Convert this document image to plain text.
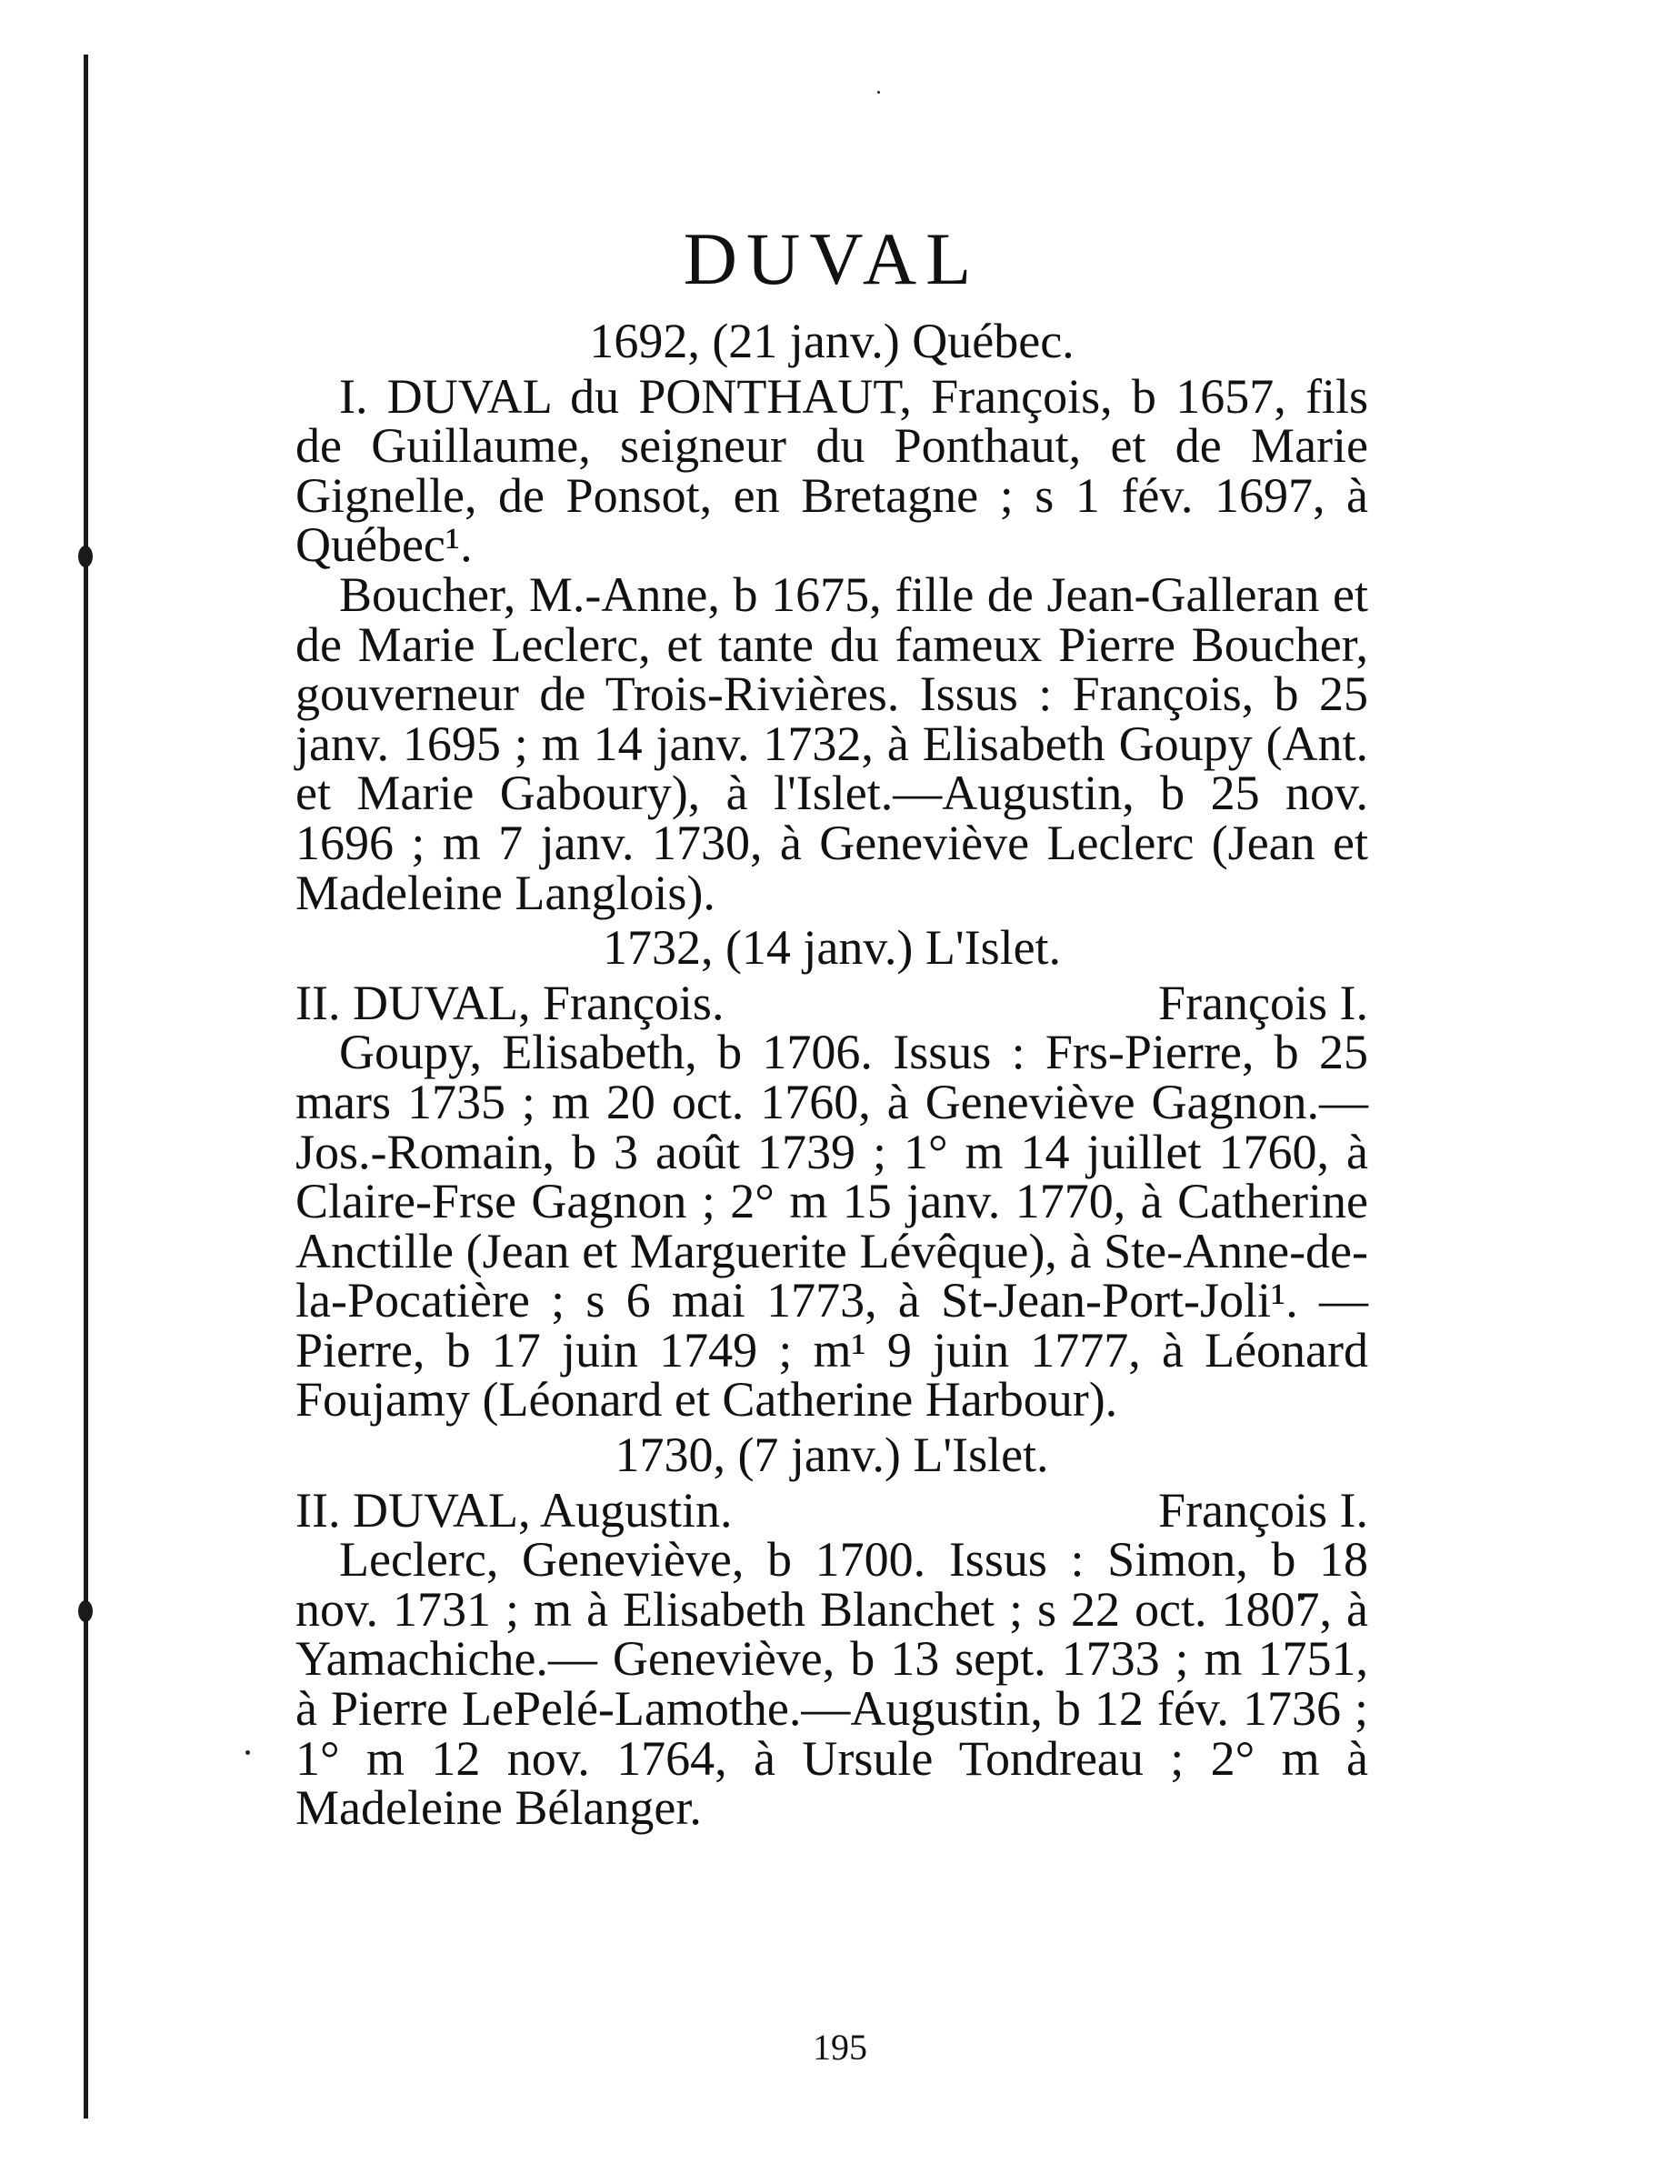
DUVAL
1692, (21 janv.) Québec.

I. DUVAL du PONTHAUT, François, b 1657, fils de Guillaume, seigneur du Ponthaut, et de Marie Gignelle, de Ponsot, en Bretagne ; s 1 fév. 1697, à Québec¹.

Boucher, M.-Anne, b 1675, fille de Jean-Galleran et de Marie Leclerc, et tante du fameux Pierre Boucher, gouverneur de Trois-Rivières. Issus : François, b 25 janv. 1695 ; m 14 janv. 1732, à Elisabeth Goupy (Ant. et Marie Gaboury), à l'Islet.—Augustin, b 25 nov. 1696 ; m 7 janv. 1730, à Geneviève Leclerc (Jean et Madeleine Langlois).

1732, (14 janv.) L'Islet.
II. DUVAL, François.	François I.

Goupy, Elisabeth, b 1706. Issus : Frs-Pierre, b 25 mars 1735 ; m 20 oct. 1760, à Geneviève Gagnon.—Jos.-Romain, b 3 août 1739 ; 1° m 14 juillet 1760, à Claire-Frse Gagnon ; 2° m 15 janv. 1770, à Catherine Anctille (Jean et Marguerite Lévêque), à Ste-Anne-de-la-Pocatière ; s 6 mai 1773, à St-Jean-Port-Joli¹. — Pierre, b 17 juin 1749 ; m¹ 9 juin 1777, à Léonard Foujamy (Léonard et Catherine Harbour).

1730, (7 janv.) L'Islet.
II. DUVAL, Augustin.	François I.

Leclerc, Geneviève, b 1700. Issus : Simon, b 18 nov. 1731 ; m à Elisabeth Blanchet ; s 22 oct. 1807, à Yamachiche.— Geneviève, b 13 sept. 1733 ; m 1751, à Pierre LePelé-Lamothe.—Augustin, b 12 fév. 1736 ; 1° m 12 nov. 1764, à Ursule Tondreau ; 2° m à Madeleine Bélanger.

195
